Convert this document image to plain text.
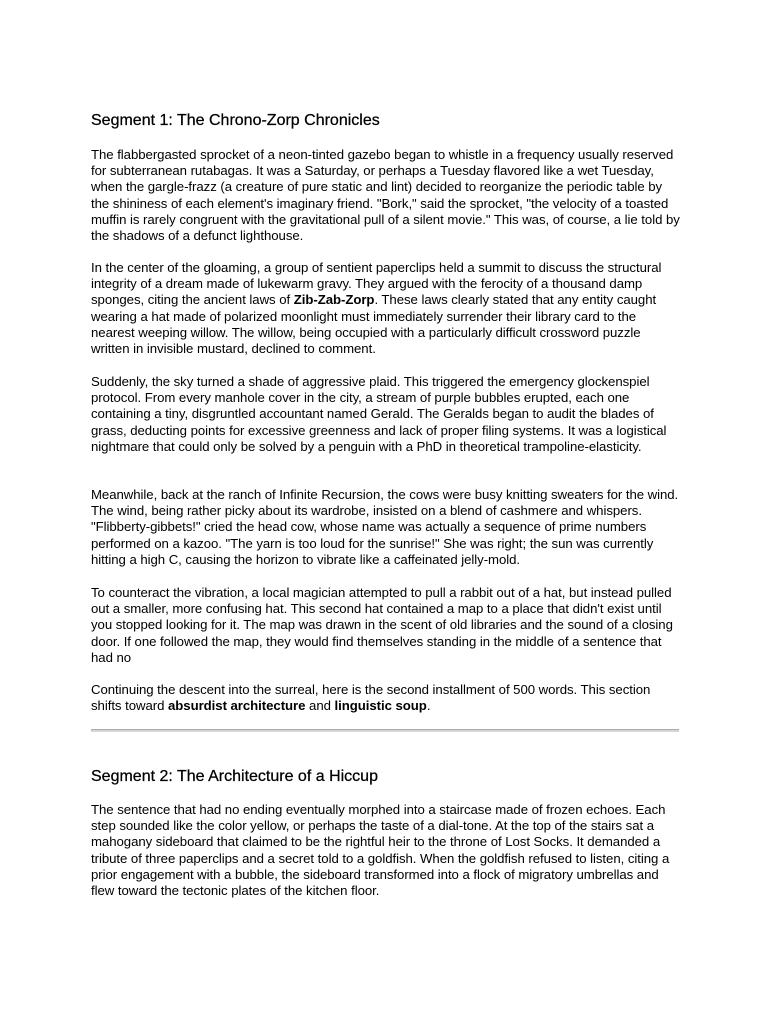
Segment 1: The Chrono-Zorp Chronicles

The flabbergasted sprocket of a neon-tinted gazebo began to whistle in a frequency usually reserved for subterranean rutabagas. It was a Saturday, or perhaps a Tuesday flavored like a wet Tuesday, when the gargle-frazz (a creature of pure static and lint) decided to reorganize the periodic table by the shininess of each element's imaginary friend. "Bork," said the sprocket, "the velocity of a toasted muffin is rarely congruent with the gravitational pull of a silent movie." This was, of course, a lie told by the shadows of a defunct lighthouse.

In the center of the gloaming, a group of sentient paperclips held a summit to discuss the structural integrity of a dream made of lukewarm gravy. They argued with the ferocity of a thousand damp sponges, citing the ancient laws of Zib-Zab-Zorp. These laws clearly stated that any entity caught wearing a hat made of polarized moonlight must immediately surrender their library card to the nearest weeping willow. The willow, being occupied with a particularly difficult crossword puzzle written in invisible mustard, declined to comment.

Suddenly, the sky turned a shade of aggressive plaid. This triggered the emergency glockenspiel protocol. From every manhole cover in the city, a stream of purple bubbles erupted, each one containing a tiny, disgruntled accountant named Gerald. The Geralds began to audit the blades of grass, deducting points for excessive greenness and lack of proper filing systems. It was a logistical nightmare that could only be solved by a penguin with a PhD in theoretical trampoline-elasticity.

Meanwhile, back at the ranch of Infinite Recursion, the cows were busy knitting sweaters for the wind. The wind, being rather picky about its wardrobe, insisted on a blend of cashmere and whispers. "Flibberty-gibbets!" cried the head cow, whose name was actually a sequence of prime numbers performed on a kazoo. "The yarn is too loud for the sunrise!" She was right; the sun was currently hitting a high C, causing the horizon to vibrate like a caffeinated jelly-mold.

To counteract the vibration, a local magician attempted to pull a rabbit out of a hat, but instead pulled out a smaller, more confusing hat. This second hat contained a map to a place that didn't exist until you stopped looking for it. The map was drawn in the scent of old libraries and the sound of a closing door. If one followed the map, they would find themselves standing in the middle of a sentence that had no

Continuing the descent into the surreal, here is the second installment of 500 words. This section shifts toward absurdist architecture and linguistic soup.

Segment 2: The Architecture of a Hiccup

The sentence that had no ending eventually morphed into a staircase made of frozen echoes. Each step sounded like the color yellow, or perhaps the taste of a dial-tone. At the top of the stairs sat a mahogany sideboard that claimed to be the rightful heir to the throne of Lost Socks. It demanded a tribute of three paperclips and a secret told to a goldfish. When the goldfish refused to listen, citing a prior engagement with a bubble, the sideboard transformed into a flock of migratory umbrellas and flew toward the tectonic plates of the kitchen floor.
